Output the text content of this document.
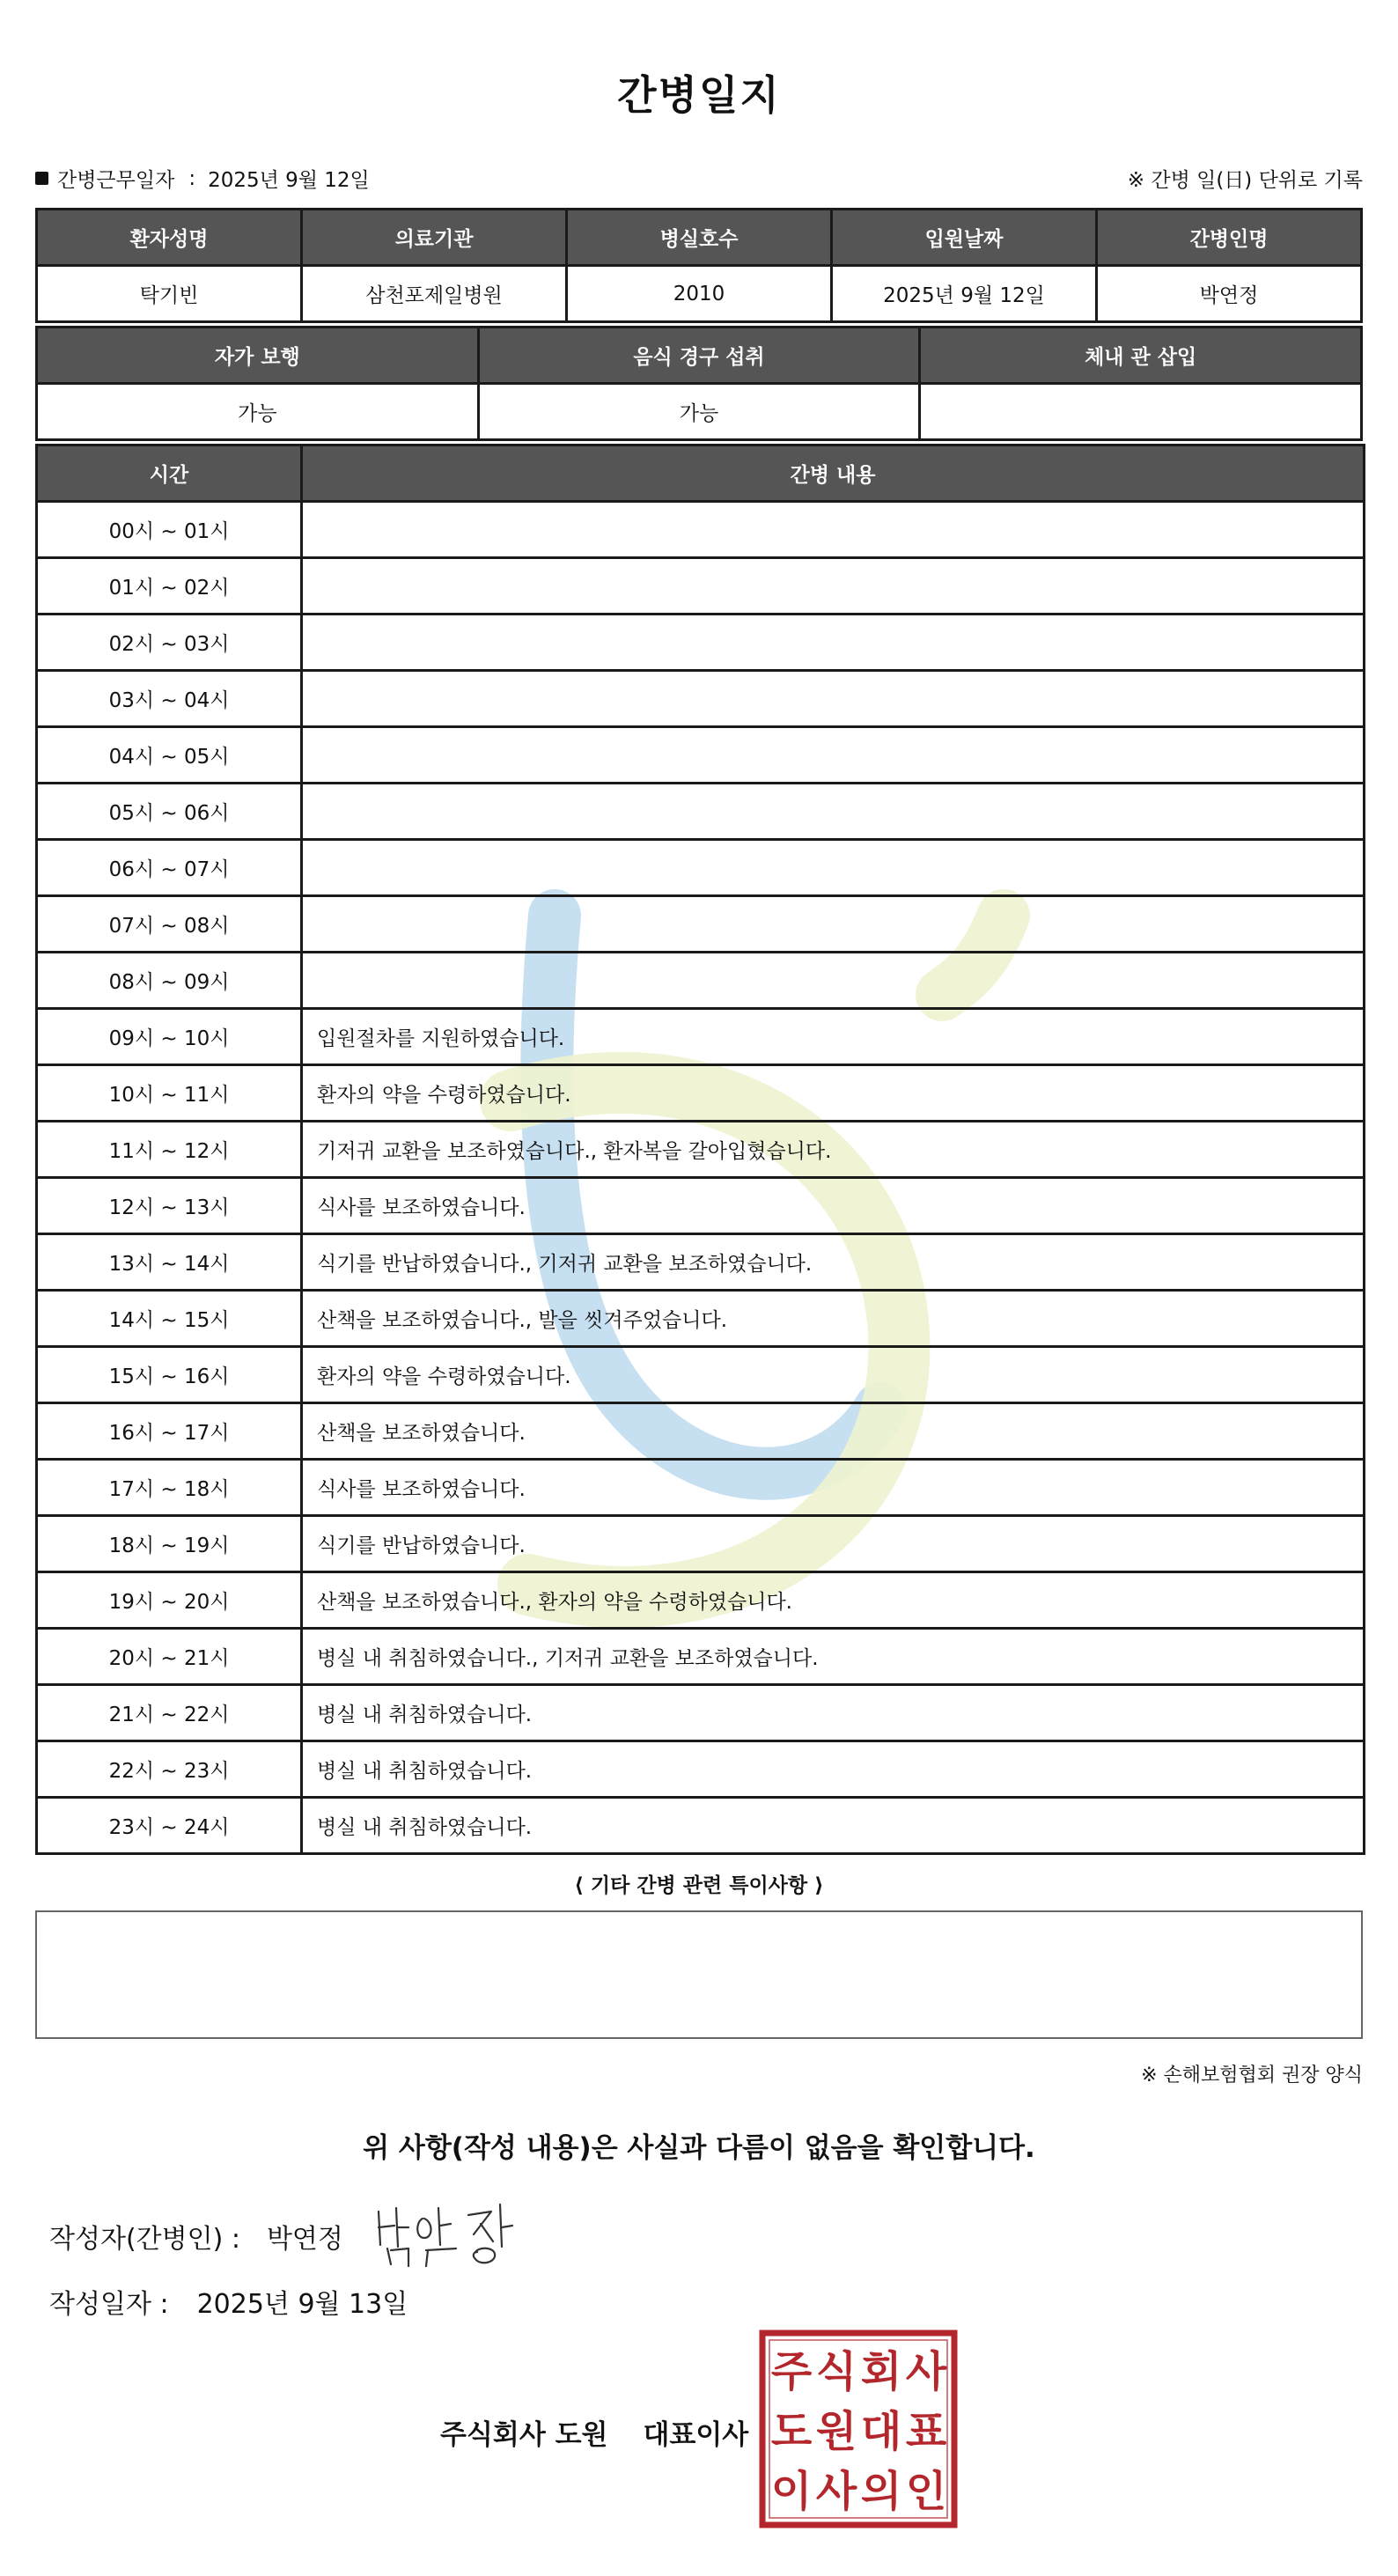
간병일지
간병근무일자 : 2025년 9월 12일	※ 간병 일(日) 단위로 기록
환자성명	의료기관	병실호수	입원날짜	간병인명
탁기빈	삼천포제일병원	2010	2025년 9월 12일	박연정
자가 보행	음식 경구 섭취	체내 관 삽입
가능	가능	
시간	간병 내용
00시 ~ 01시	
01시 ~ 02시	
02시 ~ 03시	
03시 ~ 04시	
04시 ~ 05시	
05시 ~ 06시	
06시 ~ 07시	
07시 ~ 08시	
08시 ~ 09시	
09시 ~ 10시	입원절차를 지원하였습니다.
10시 ~ 11시	환자의 약을 수령하였습니다.
11시 ~ 12시	기저귀 교환을 보조하였습니다., 환자복을 갈아입혔습니다.
12시 ~ 13시	식사를 보조하였습니다.
13시 ~ 14시	식기를 반납하였습니다., 기저귀 교환을 보조하였습니다.
14시 ~ 15시	산책을 보조하였습니다., 발을 씻겨주었습니다.
15시 ~ 16시	환자의 약을 수령하였습니다.
16시 ~ 17시	산책을 보조하였습니다.
17시 ~ 18시	식사를 보조하였습니다.
18시 ~ 19시	식기를 반납하였습니다.
19시 ~ 20시	산책을 보조하였습니다., 환자의 약을 수령하였습니다.
20시 ~ 21시	병실 내 취침하였습니다., 기저귀 교환을 보조하였습니다.
21시 ~ 22시	병실 내 취침하였습니다.
22시 ~ 23시	병실 내 취침하였습니다.
23시 ~ 24시	병실 내 취침하였습니다.
⟨ 기타 간병 관련 특이사항 ⟩
※ 손해보험협회 권장 양식
위 사항(작성 내용)은 사실과 다름이 없음을 확인합니다.
작성자(간병인) : 박연정
작성일자 : 2025년 9월 13일
주식회사 도원 대표이사
주 식 회 사
도 원 대 표
이 사 의 인
